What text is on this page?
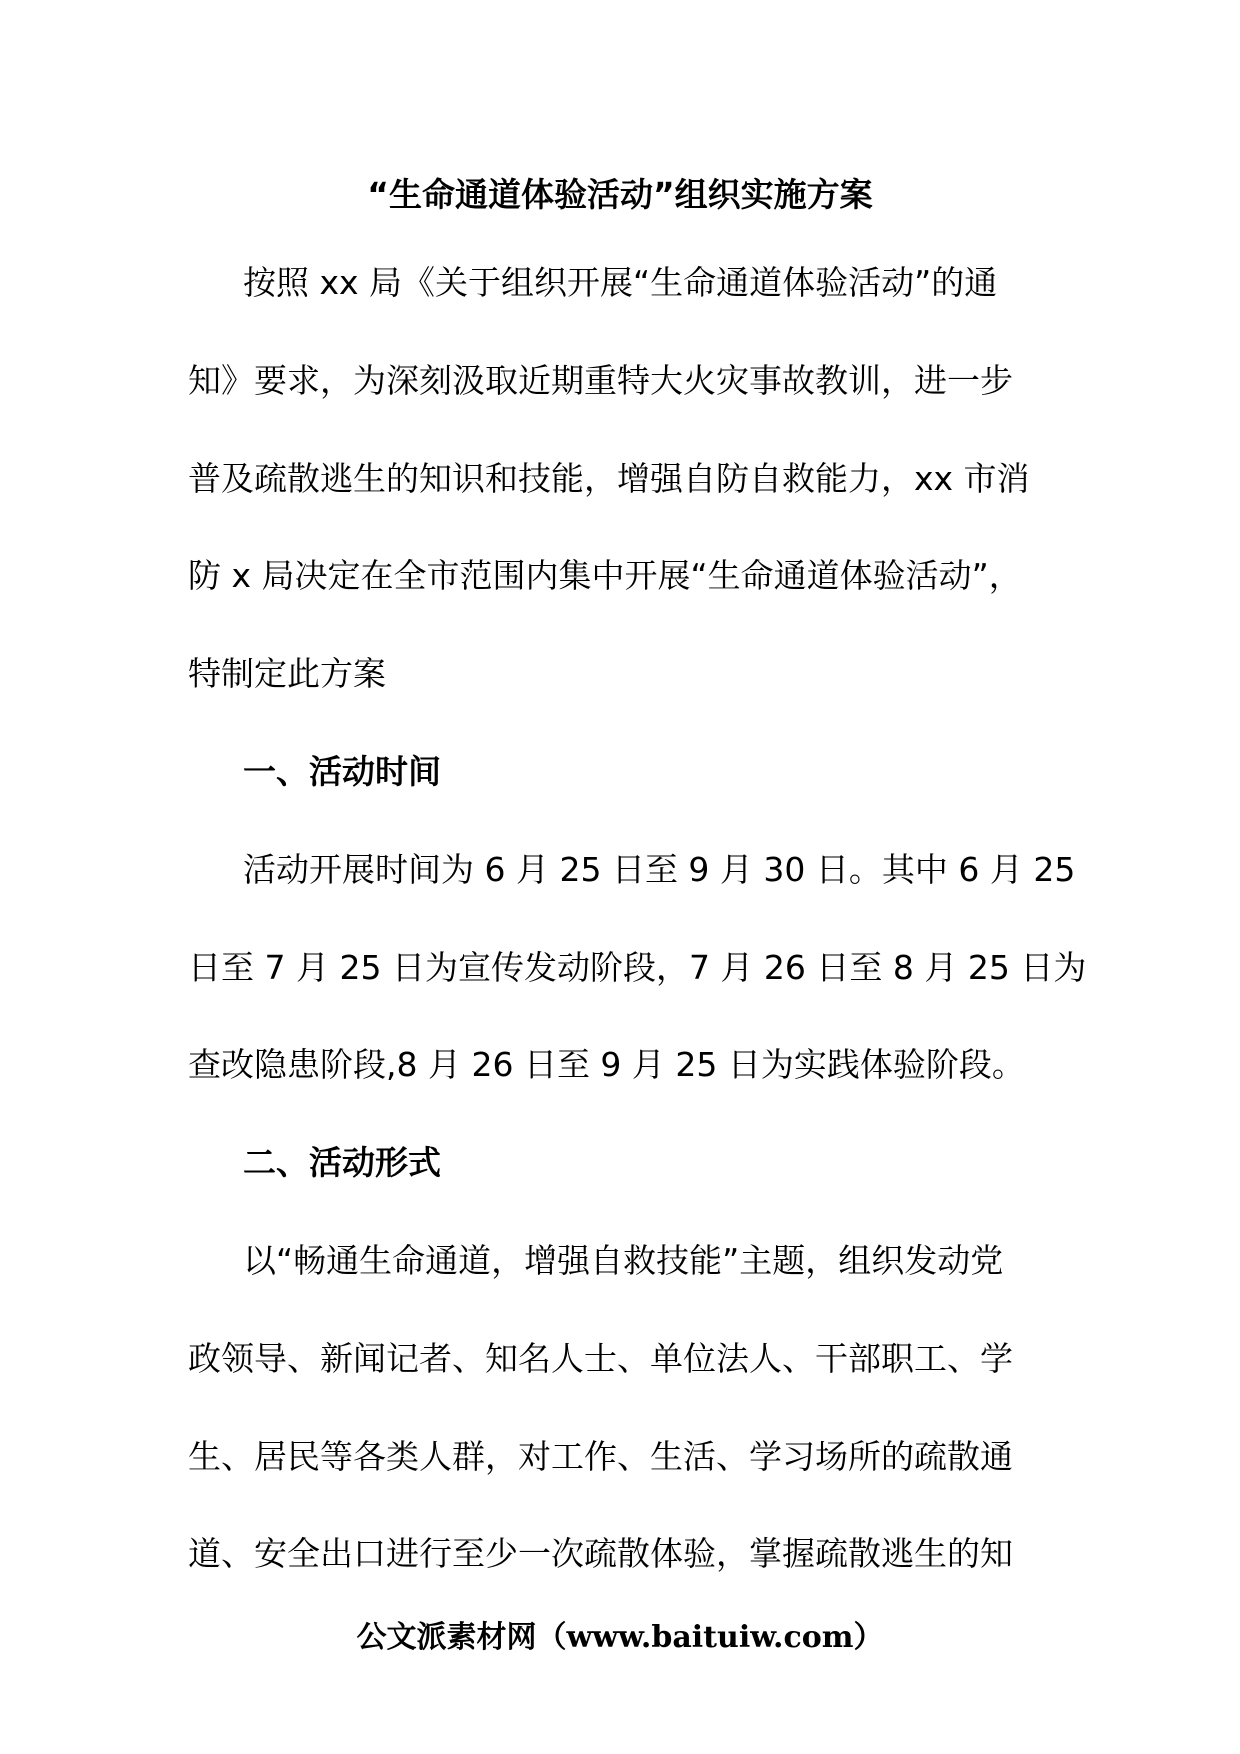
“生命通道体验活动”组织实施方案
按照 xx 局《关于组织开展“生命通道体验活动”的通
知》要求，为深刻汲取近期重特大火灾事故教训，进一步
普及疏散逃生的知识和技能，增强自防自救能力，xx 市消
防 x 局决定在全市范围内集中开展“生命通道体验活动”，
特制定此方案
一、活动时间
活动开展时间为 6 月 25 日至 9 月 30 日。其中 6 月 25
日至 7 月 25 日为宣传发动阶段，7 月 26 日至 8 月 25 日为
查改隐患阶段,8 月 26 日至 9 月 25 日为实践体验阶段。
二、活动形式
以“畅通生命通道，增强自救技能”主题，组织发动党
政领导、新闻记者、知名人士、单位法人、干部职工、学
生、居民等各类人群，对工作、生活、学习场所的疏散通
道、安全出口进行至少一次疏散体验，掌握疏散逃生的知
公文派素材网（www.baituiw.com）
